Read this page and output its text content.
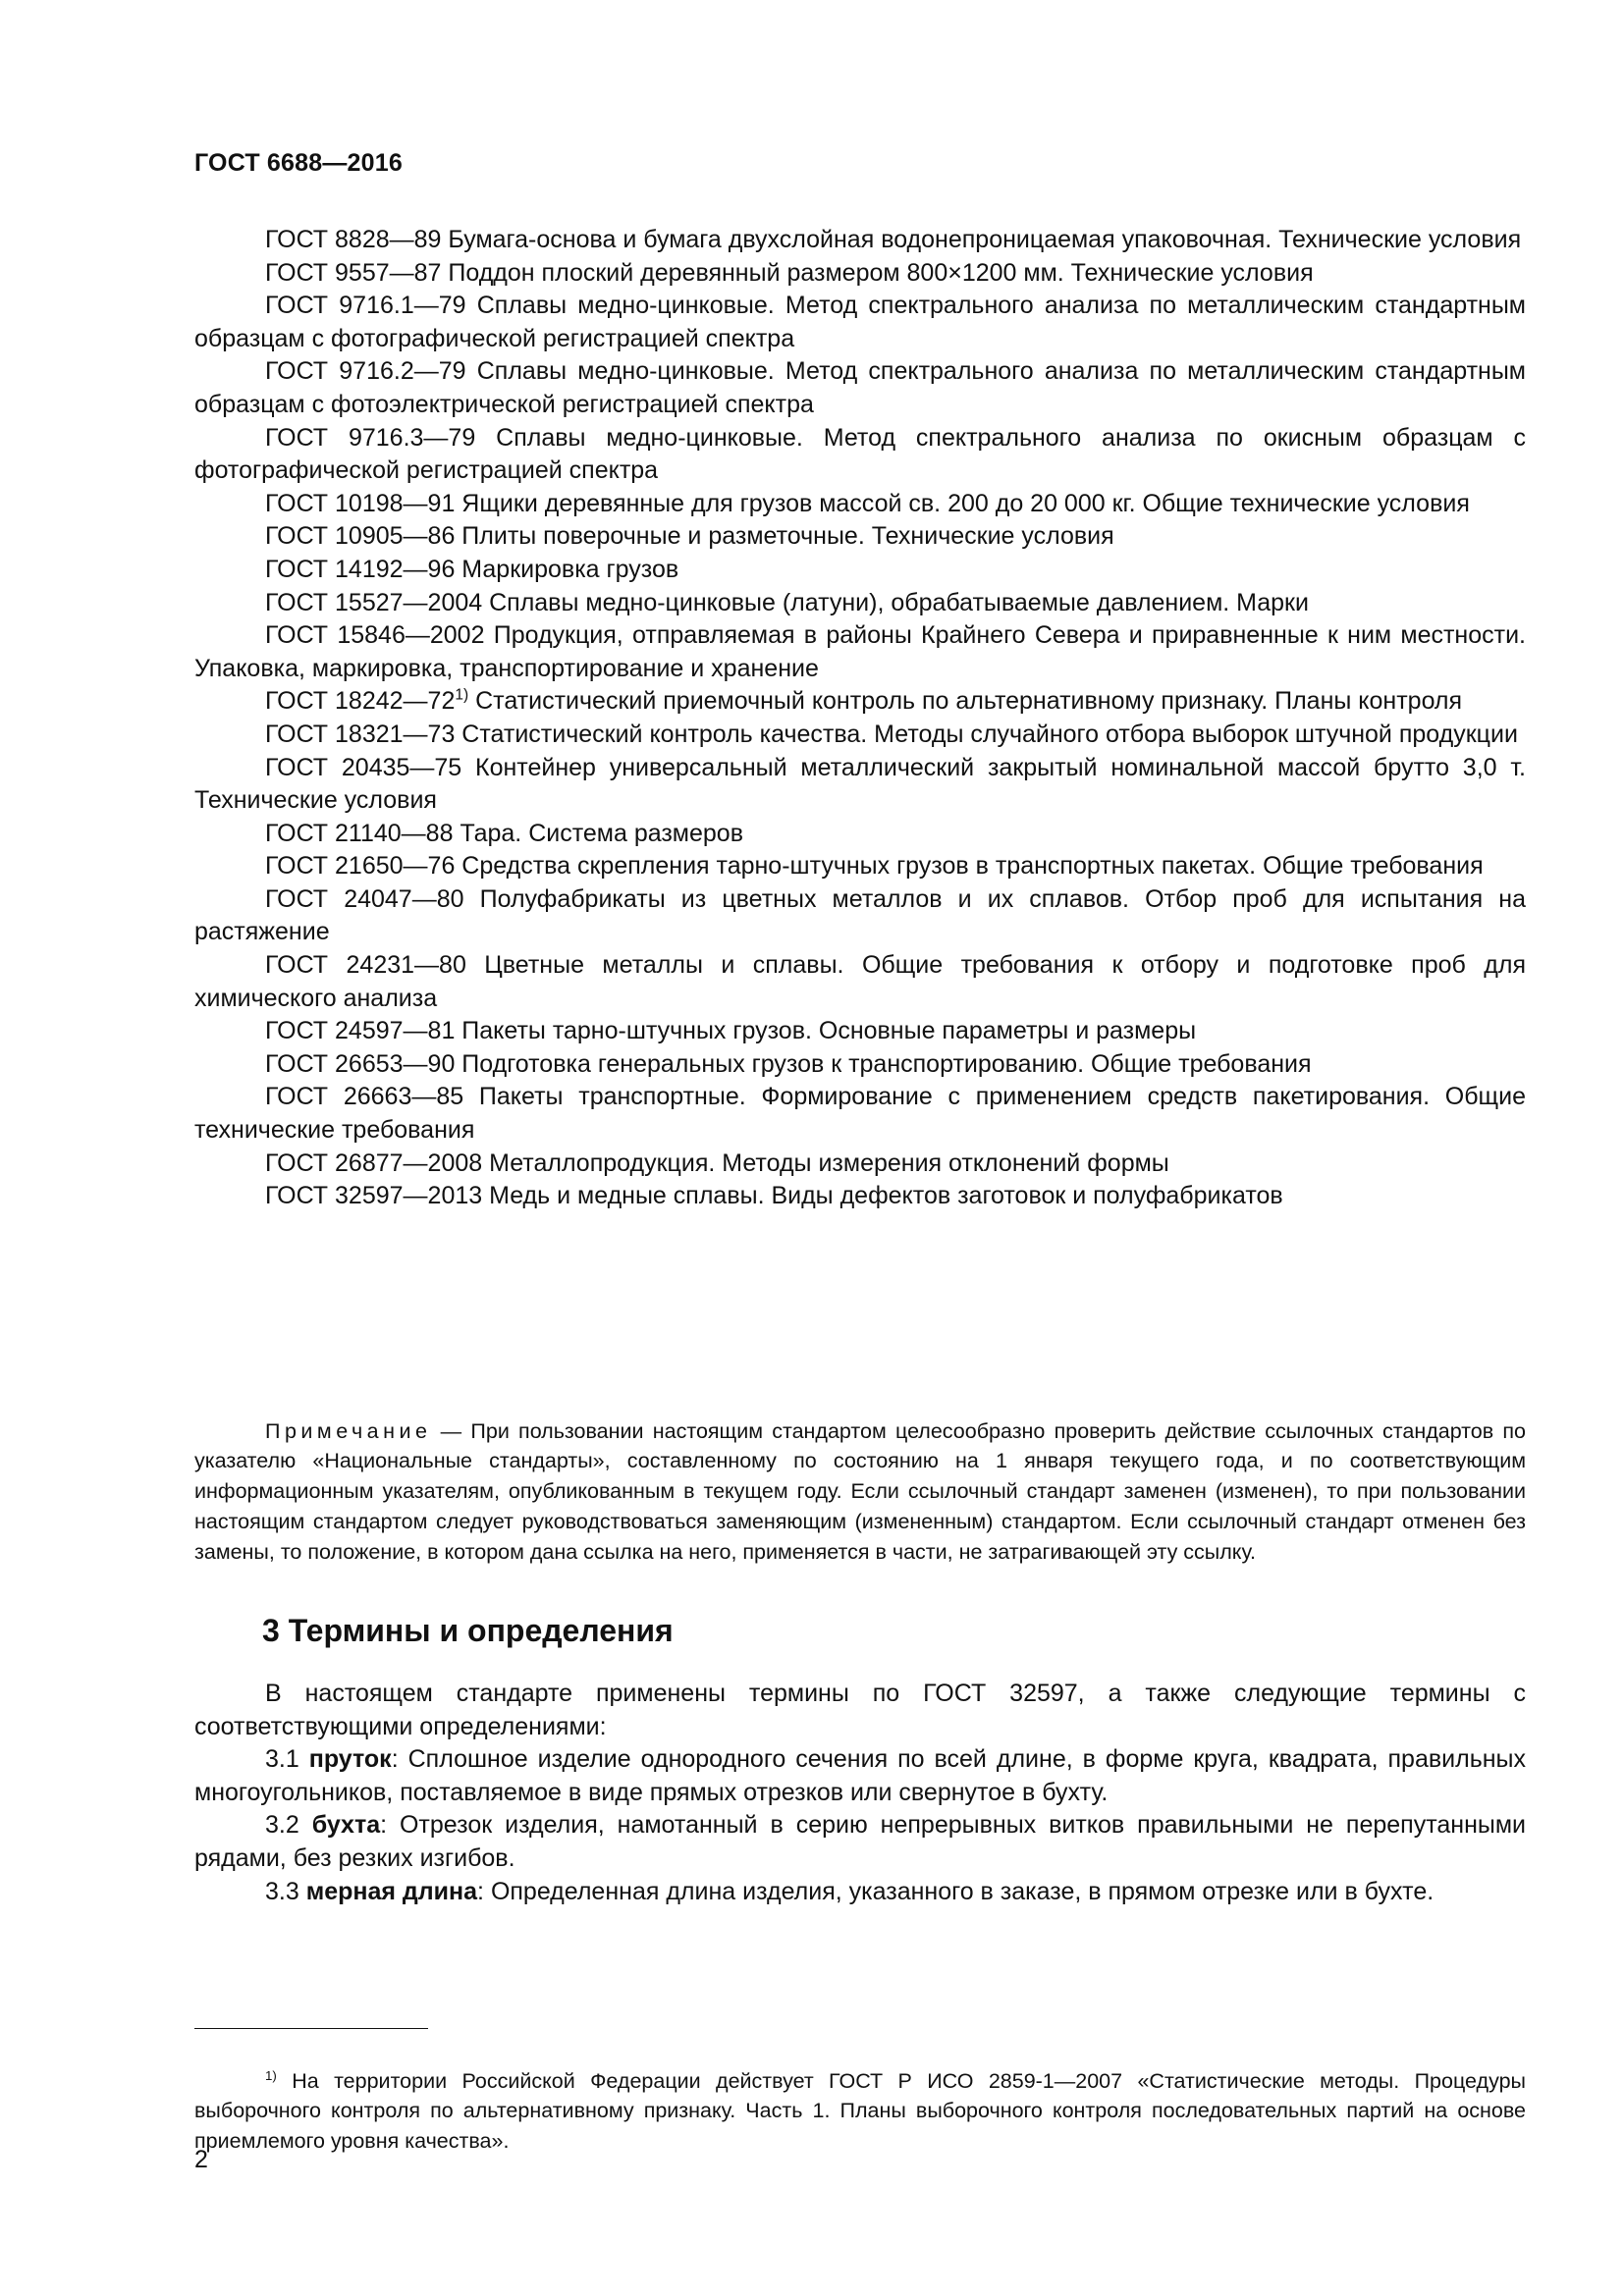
ГОСТ 6688—2016

ГОСТ 8828—89 Бумага-основа и бумага двухслойная водонепроницаемая упаковочная. Технические условия

ГОСТ 9557—87 Поддон плоский деревянный размером 800×1200 мм. Технические условия

ГОСТ 9716.1—79 Сплавы медно-цинковые. Метод спектрального анализа по металлическим стандартным образцам с фотографической регистрацией спектра

ГОСТ 9716.2—79 Сплавы медно-цинковые. Метод спектрального анализа по металлическим стандартным образцам с фотоэлектрической регистрацией спектра

ГОСТ 9716.3—79 Сплавы медно-цинковые. Метод спектрального анализа по окисным образцам с фотографической регистрацией спектра

ГОСТ 10198—91 Ящики деревянные для грузов массой св. 200 до 20 000 кг. Общие технические условия

ГОСТ 10905—86 Плиты поверочные и разметочные. Технические условия

ГОСТ 14192—96 Маркировка грузов

ГОСТ 15527—2004 Сплавы медно-цинковые (латуни), обрабатываемые давлением. Марки

ГОСТ 15846—2002 Продукция, отправляемая в районы Крайнего Севера и приравненные к ним местности. Упаковка, маркировка, транспортирование и хранение

ГОСТ 18242—72$^{1)}$ Статистический приемочный контроль по альтернативному признаку. Планы контроля

ГОСТ 18321—73 Статистический контроль качества. Методы случайного отбора выборок штучной продукции

ГОСТ 20435—75 Контейнер универсальный металлический закрытый номинальной массой брутто 3,0 т. Технические условия

ГОСТ 21140—88 Тара. Система размеров

ГОСТ 21650—76 Средства скрепления тарно-штучных грузов в транспортных пакетах. Общие требования

ГОСТ 24047—80 Полуфабрикаты из цветных металлов и их сплавов. Отбор проб для испытания на растяжение

ГОСТ 24231—80 Цветные металлы и сплавы. Общие требования к отбору и подготовке проб для химического анализа

ГОСТ 24597—81 Пакеты тарно-штучных грузов. Основные параметры и размеры

ГОСТ 26653—90 Подготовка генеральных грузов к транспортированию. Общие требования

ГОСТ 26663—85 Пакеты транспортные. Формирование с применением средств пакетирования. Общие технические требования

ГОСТ 26877—2008 Металлопродукция. Методы измерения отклонений формы

ГОСТ 32597—2013 Медь и медные сплавы. Виды дефектов заготовок и полуфабрикатов

Примечание — При пользовании настоящим стандартом целесообразно проверить действие ссылочных стандартов по указателю «Национальные стандарты», составленному по состоянию на 1 января текущего года, и по соответствующим информационным указателям, опубликованным в текущем году. Если ссылочный стандарт заменен (изменен), то при пользовании настоящим стандартом следует руководствоваться заменяющим (измененным) стандартом. Если ссылочный стандарт отменен без замены, то положение, в котором дана ссылка на него, применяется в части, не затрагивающей эту ссылку.

3 Термины и определения

В настоящем стандарте применены термины по ГОСТ 32597, а также следующие термины с соответствующими определениями:

3.1 пруток: Сплошное изделие однородного сечения по всей длине, в форме круга, квадрата, правильных многоугольников, поставляемое в виде прямых отрезков или свернутое в бухту.

3.2 бухта: Отрезок изделия, намотанный в серию непрерывных витков правильными не перепутанными рядами, без резких изгибов.

3.3 мерная длина: Определенная длина изделия, указанного в заказе, в прямом отрезке или в бухте.

$^{1)}$ На территории Российской Федерации действует ГОСТ Р ИСО 2859-1—2007 «Статистические методы. Процедуры выборочного контроля по альтернативному признаку. Часть 1. Планы выборочного контроля последовательных партий на основе приемлемого уровня качества».

2
